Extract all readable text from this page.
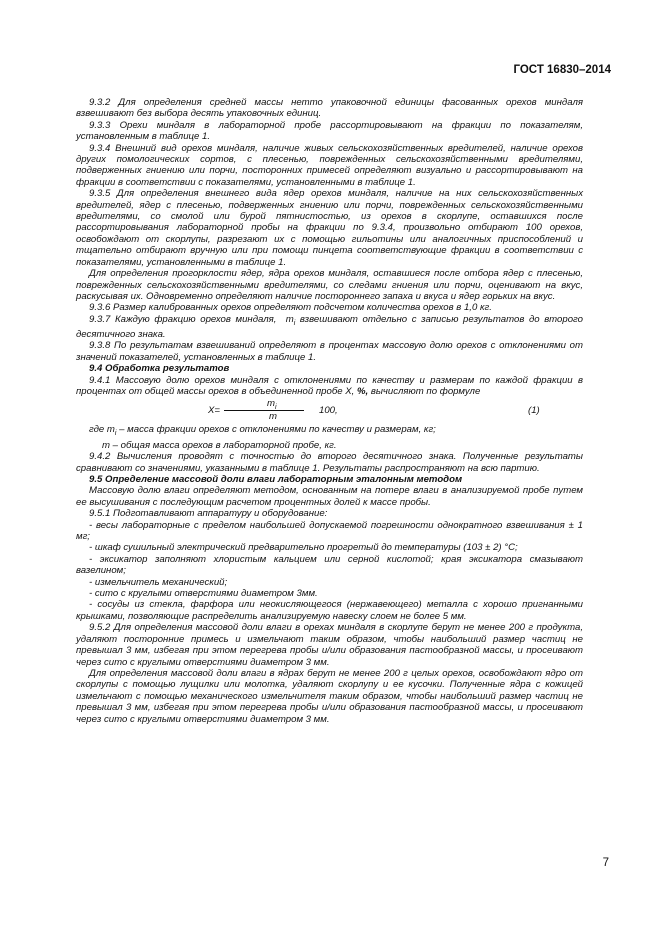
ГОСТ 16830–2014

9.3.2 Для определения средней массы нетто упаковочной единицы фасованных орехов миндаля взвешивают без выбора десять упаковочных единиц.

9.3.3 Орехи миндаля в лабораторной пробе рассортировывают на фракции по показателям, установленным в таблице 1.

9.3.4 Внешний вид орехов миндаля, наличие живых сельскохозяйственных вредителей, наличие орехов других помологических сортов, с плесенью, поврежденных сельскохозяйственными вредителями, подверженных гниению или порчи, посторонних примесей определяют визуально и рассортировывают на фракции в соответствии с показателями, установленными в таблице 1.

9.3.5 Для определения внешнего вида ядер орехов миндаля, наличие на них сельскохозяйственных вредителей, ядер с плесенью, подверженных гниению или порчи, поврежденных сельскохозяйственными вредителями, со смолой или бурой пятнистостью, из орехов в скорлупе, оставшихся после рассортировывания лабораторной пробы на фракции по 9.3.4, произвольно отбирают 100 орехов, освобождают от скорлупы, разрезают их с помощью гильотины или аналогичных приспособлений и тщательно отбирают вручную или при помощи пинцета соответствующие фракции в соответствии с показателями, установленными в таблице 1.

Для определения прогорклости ядер, ядра орехов миндаля, оставшиеся после отбора ядер с плесенью, поврежденных сельскохозяйственными вредителями, со следами гниения или порчи, оценивают на вкус, раскусывая их. Одновременно определяют наличие постороннего запаха и вкуса и ядер горьких на вкус.

9.3.6 Размер калиброванных орехов определяют подсчетом количества орехов в 1,0 кг.

9.3.7 Каждую фракцию орехов миндаля, $m_i$ взвешивают отдельно с записью результатов до второго десятичного знака.

9.3.8 По результатам взвешиваний определяют в процентах массовую долю орехов с отклонениями от значений показателей, установленных в таблице 1.

9.4 Обработка результатов

9.4.1 Массовую долю орехов миндаля с отклонениями по качеству и размерам по каждой фракции в процентах от общей массы орехов в объединенной пробе X, %, вычисляют по формуле

X=
$m_i$
m
100,	(1)

где $m_i$ – масса фракции орехов с отклонениями по качеству и размерам, кг;

m – общая масса орехов в лабораторной пробе, кг.

9.4.2 Вычисления проводят с точностью до второго десятичного знака. Полученные результаты сравнивают со значениями, указанными в таблице 1. Результаты распространяют на всю партию.

9.5 Определение массовой доли влаги лабораторным эталонным методом

Массовую долю влаги определяют методом, основанным на потере влаги в анализируемой пробе путем ее высушивания с последующим расчетом процентных долей к массе пробы.

9.5.1 Подготавливают аппаратуру и оборудование:

- весы лабораторные с пределом наибольшей допускаемой погрешности однократного взвешивания ± 1 мг;

- шкаф сушильный электрический предварительно прогретый до температуры (103 ± 2) °С;

- эксикатор заполняют хлористым кальцием или серной кислотой; края эксикатора смазывают вазелином;

- измельчитель механический;

- сито с круглыми отверстиями диаметром 3мм.

- сосуды из стекла, фарфора или неокисляющегося (нержавеющего) металла с хорошо пригнанными крышками, позволяющие распределить анализируемую навеску слоем не более 5 мм.

9.5.2 Для определения массовой доли влаги в орехах миндаля в скорлупе берут не менее 200 г продукта, удаляют посторонние примесь и измельчают таким образом, чтобы наибольший размер частиц не превышал 3 мм, избегая при этом перегрева пробы и/или образования пастообразной массы, и просеивают через сито с круглыми отверстиями диаметром 3 мм.

Для определения массовой доли влаги в ядрах берут не менее 200 г целых орехов, освобождают ядро от скорлупы с помощью лущилки или молотка, удаляют скорлупу и ее кусочки. Полученные ядра с кожицей измельчают с помощью механического измельчителя таким образом, чтобы наибольший размер частиц не превышал 3 мм, избегая при этом перегрева пробы и/или образования пастообразной массы, и просеивают через сито с круглыми отверстиями диаметром 3 мм.

7
